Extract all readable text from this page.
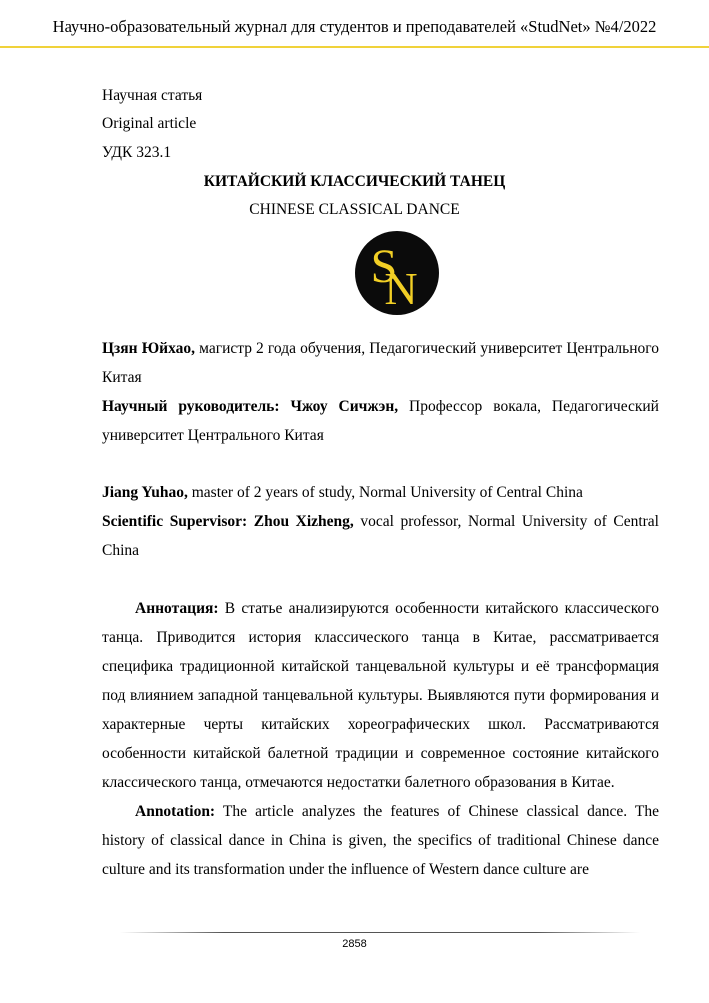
Научно-образовательный журнал для студентов и преподавателей «StudNet» №4/2022
Научная статья
Original article
УДК 323.1
КИТАЙСКИЙ КЛАССИЧЕСКИЙ ТАНЕЦ
CHINESE CLASSICAL DANCE
S
N

Цзян Юйхао, магистр 2 года обучения, Педагогический университет Центрального Китая

Научный руководитель: Чжоу Сичжэн, Профессор вокала, Педагогический университет Центрального Китая

Jiang Yuhao, master of 2 years of study, Normal University of Central China

Scientific Supervisor: Zhou Xizheng, vocal professor, Normal University of Central China

Аннотация: В статье анализируются особенности китайского классического танца. Приводится история классического танца в Китае, рассматривается специфика традиционной китайской танцевальной культуры и её трансформация под влиянием западной танцевальной культуры. Выявляются пути формирования и характерные черты китайских хореографических школ. Рассматриваются особенности китайской балетной традиции и современное состояние китайского классического танца, отмечаются недостатки балетного образования в Китае.

Annotation: The article analyzes the features of Chinese classical dance. The history of classical dance in China is given, the specifics of traditional Chinese dance culture and its transformation under the influence of Western dance culture are

2858
